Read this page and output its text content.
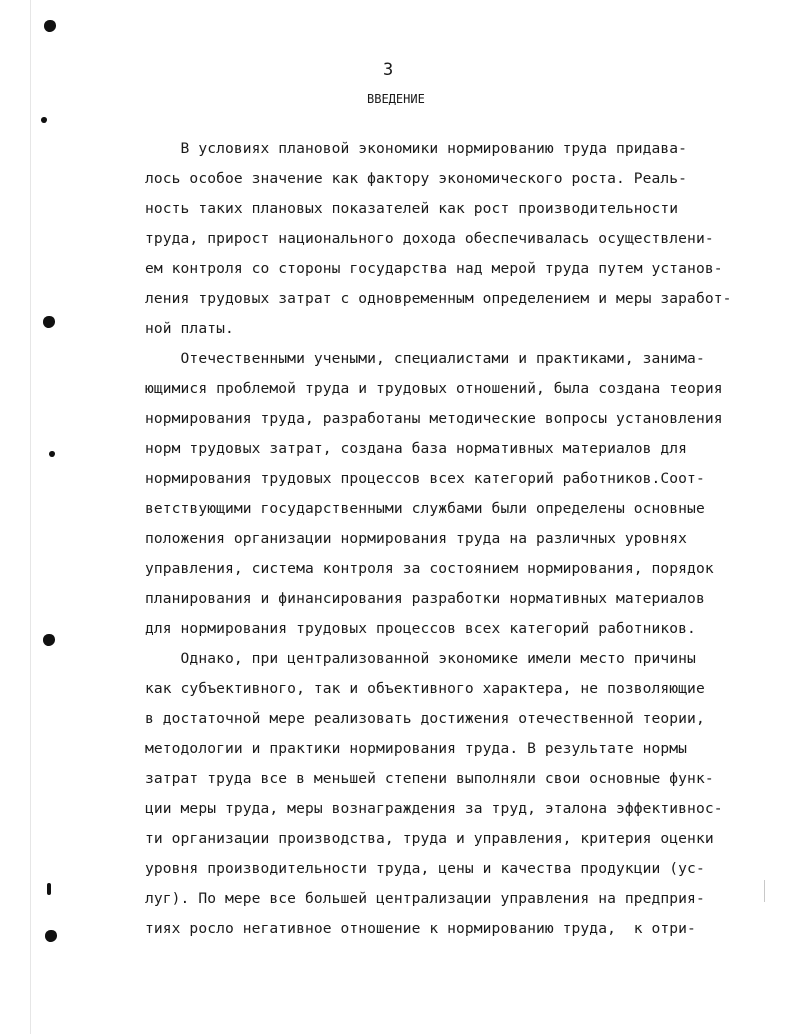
3
ВВЕДЕНИЕ
В условиях плановой экономики нормированию труда придава-
лось особое значение как фактору экономического роста. Реаль-
ность таких плановых показателей как рост производительности
труда, прирост национального дохода обеспечивалась осуществлени-
ем контроля со стороны государства над мерой труда путем установ-
ления трудовых затрат с одновременным определением и меры заработ-
ной платы.
Отечественными учеными, специалистами и практиками, занима-
ющимися проблемой труда и трудовых отношений, была создана теория
нормирования труда, разработаны методические вопросы установления
норм трудовых затрат, создана база нормативных материалов для
нормирования трудовых процессов всех категорий работников.Соот-
ветствующими государственными службами были определены основные
положения организации нормирования труда на различных уровнях
управления, система контроля за состоянием нормирования, порядок
планирования и финансирования разработки нормативных материалов
для нормирования трудовых процессов всех категорий работников.
Однако, при централизованной экономике имели место причины
как субъективного, так и объективного характера, не позволяющие
в достаточной мере реализовать достижения отечественной теории,
методологии и практики нормирования труда. В результате нормы
затрат труда все в меньшей степени выполняли свои основные функ-
ции меры труда, меры вознаграждения за труд, эталона эффективнос-
ти организации производства, труда и управления, критерия оценки
уровня производительности труда, цены и качества продукции (ус-
луг). По мере все большей централизации управления на предприя-
тиях росло негативное отношение к нормированию труда,  к отри-
